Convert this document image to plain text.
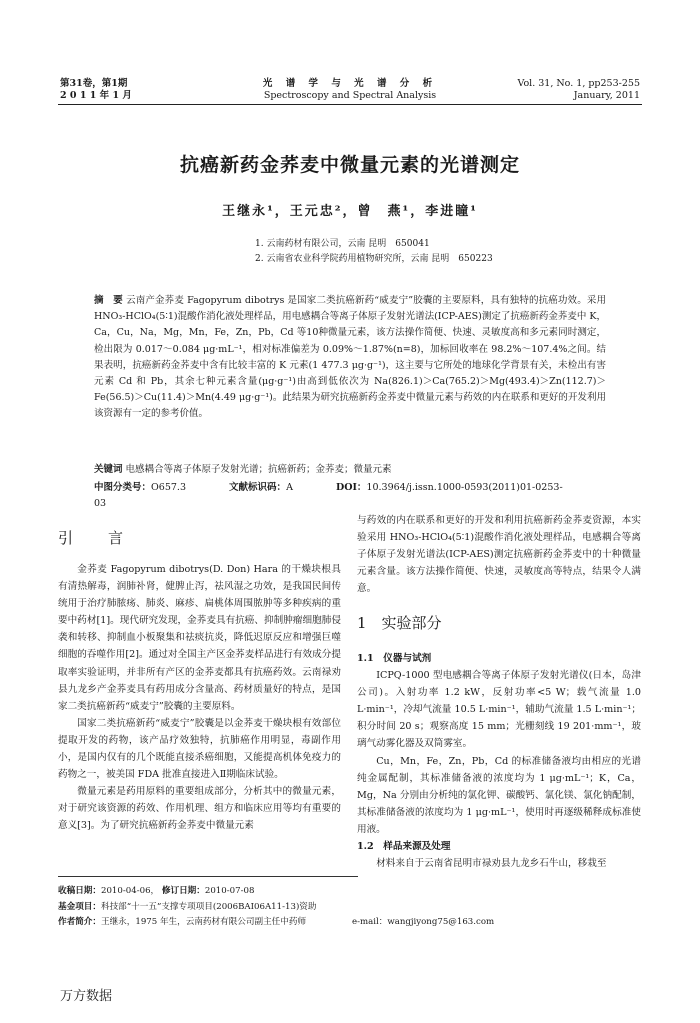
第31卷，第1期
2 0 1 1 年 1 月
光 谱 学 与 光 谱 分 析
Spectroscopy and Spectral Analysis
Vol. 31, No. 1, pp253-255
January, 2011
抗癌新药金荞麦中微量元素的光谱测定
王继永¹，王元忠²，曾　燕¹，李进瞳¹
1. 云南药材有限公司，云南 昆明　650041
2. 云南省农业科学院药用植物研究所，云南 昆明　650223
摘　要 云南产金荞麦 Fagopyrum dibotrys 是国家二类抗癌新药“威麦宁”胶囊的主要原料，具有独特的抗癌功效。采用 HNO₃-HClO₄(5∶1)混酸作消化液处理样品，用电感耦合等离子体原子发射光谱法(ICP-AES)测定了抗癌新药金荞麦中 K，Ca，Cu，Na，Mg，Mn，Fe，Zn，Pb，Cd 等10种微量元素，该方法操作简便、快速、灵敏度高和多元素同时测定，检出限为 0.017～0.084 μg·mL⁻¹，相对标准偏差为 0.09%～1.87%(n=8)，加标回收率在 98.2%～107.4%之间。结果表明，抗癌新药金荞麦中含有比较丰富的 K 元素(1 477.3 μg·g⁻¹)，这主要与它所处的地球化学背景有关，未检出有害元素 Cd 和 Pb，其余七种元素含量(μg·g⁻¹)由高到低依次为 Na(826.1)＞Ca(765.2)＞Mg(493.4)＞Zn(112.7)＞Fe(56.5)＞Cu(11.4)＞Mn(4.49 μg·g⁻¹)。此结果为研究抗癌新药金荞麦中微量元素与药效的内在联系和更好的开发利用该资源有一定的参考价值。
关键词 电感耦合等离子体原子发射光谱；抗癌新药；金荞麦；微量元素
中图分类号：O657.3	文献标识码：A	DOI：10.3964/j.issn.1000-0593(2011)01-0253-03
引　言

金荞麦 Fagopyrum dibotrys(D. Don) Hara 的干燥块根具有清热解毒，润肺补肾，健脾止泻，祛风湿之功效，是我国民间传统用于治疗肺脓疡、肺炎、麻疹、扁桃体周围脓肿等多种疾病的重要中药材[1]。现代研究发现，金荞麦具有抗癌、抑制肿瘤细胞肺侵袭和转移、抑制血小板聚集和祛痰抗炎，降低迟原反应和增强巨噬细胞的吞噬作用[2]。通过对全国主产区金荞麦样品进行有效成分提取率实验证明，并非所有产区的金荞麦都具有抗癌药效。云南禄劝县九龙乡产金荞麦具有药用成分含量高、药材质量好的特点，是国家二类抗癌新药“威麦宁”胶囊的主要原料。

国家二类抗癌新药“威麦宁”胶囊是以金荞麦干燥块根有效部位提取开发的药物，该产品疗效独特，抗肺癌作用明显，毒副作用小，是国内仅有的几个既能直接杀癌细胞，又能提高机体免疫力的药物之一，被美国 FDA 批准直接进入Ⅱ期临床试验。

微量元素是药用原料的重要组成部分，分析其中的微量元素，对于研究该资源的药效、作用机理、组方和临床应用等均有重要的意义[3]。为了研究抗癌新药金荞麦中微量元素

与药效的内在联系和更好的开发和利用抗癌新药金荞麦资源，本实验采用 HNO₃-HClO₄(5∶1)混酸作消化液处理样品，电感耦合等离子体原子发射光谱法(ICP-AES)测定抗癌新药金荞麦中的十种微量元素含量。该方法操作简便、快速，灵敏度高等特点，结果令人满意。

1　实验部分
1.1　仪器与试剂

ICPQ-1000 型电感耦合等离子体原子发射光谱仪(日本，岛津公司)。入射功率 1.2 kW，反射功率<5 W；载气流量 1.0 L·min⁻¹，冷却气流量 10.5 L·min⁻¹，辅助气流量 1.5 L·min⁻¹；积分时间 20 s；观察高度 15 mm；光栅刻线 19 201·mm⁻¹，玻璃气动雾化器及双筒雾室。

Cu，Mn，Fe，Zn，Pb，Cd 的标准储备液均由相应的光谱纯金属配制，其标准储备液的浓度均为 1 μg·mL⁻¹；K，Ca，Mg，Na 分别由分析纯的氯化钾、碳酸钙、氯化镁、氯化钠配制，其标准储备液的浓度均为 1 μg·mL⁻¹，使用时再逐级稀释成标准使用液。

1.2　样品来源及处理

材料来自于云南省昆明市禄劝县九龙乡石牛山，移栽至

收稿日期：2010-04-06， 修订日期：2010-07-08
基金项目：科技部“十一五”支撑专项项目(2006BAI06A11-13)资助
作者简介：王继永，1975 年生，云南药材有限公司副主任中药师	e-mail：wangjiyong75@163.com
万方数据
